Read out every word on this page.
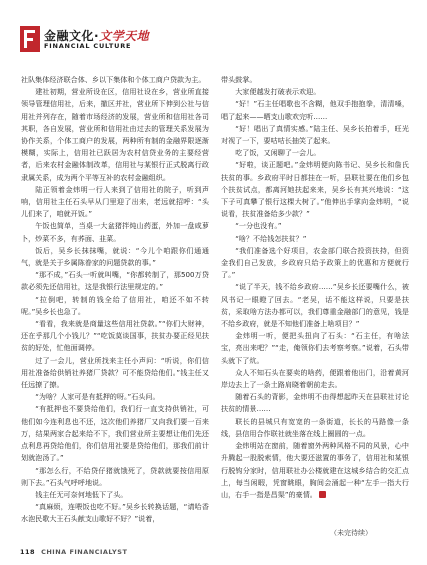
金融文化·文学天地
FINANCIAL CULTURE

社队集体经济联合体、乡以下集体和个体工商户贷款为主。

建社初期，营业所设在区，信用社设在乡，营业所直接领导管理信用社，后来，撤区并社，营业所下伸到公社与信用社并列存在，随着市场经济的发展，营业所和信用社各司其职，各自发展，营业所和信用社由过去的管理关系发展为协作关系，个体工商户的发展，两种所有制的金融界限逐渐模糊，实际上，信用社已跃居为农村信贷业务的主要经营者，后来农村金融体制改革，信用社与某银行正式脱离行政隶属关系，成为两个平等互补的农村金融组织。

陆正领着金炜明一行人来到了信用社的院子，听到声响，信用社主任石头早从门里迎了出来，老远就招呼：“头儿们来了，咱就开饭。”

午饭也简单，当桌一大盆猪拌炖山药蛋，外加一盘咸萝卜，炒菜不多，有荞面、韭菜。

饭后，吴乡长抹抹嘴，就说：“今儿个咱跟你们通通气，就是关于乡属陈眷家的问题贷款的事。”

“那不成，”石头一听就叫嘴，“你都转制了，那500万贷款必须先还信用社，这是我银行法里规定的。”

“拉倒吧，转制的钱全给了信用社，咱还不如不转呢。”吴乡长也急了。

“看看，我来就是商量这些信用社贷款。”“你们大财神，还在乎那几个小钱儿？”“吃饭莫谈国事，扶贫办要正经见扶贫的好处，忙他面调停。

过了一会儿，营业所找来主任小声问：“听说，你们信用社准备给供销社养猪厂贷款？可不能贷给他们。”钱主任又任远撩了撩。

“为啥？人家可是有抵押的呀。”石头问。

“有抵押也不要贷给他们，我们行一直支持供销社，可他们如今连利息也不还，这次他们养猪厂又向我们要一百来万，结果两家合起来给不下，我们营业所主要想让他们先还点利息再贷给他们，你们信用社要是贷给他们，那我们前计划就泡汤了。”

“那怎么行，不给贷仔猪就饿死了，贷款就要按信用原则下去。”石头气呼呼地说。

钱主任无可奈何地低下了头。

“真麻烦，连喂饭也吃不好。”吴乡长转换话题，“请哈香水泡民歌大王石头献支山歌好不好？”说着，

带头鼓掌。

大家便越发打破表示欢迎。

“好！”石主任唱歌也不含糊，他双手抱抱拳，清清嗓，唱了起来——晒支山歌欢完听……

“好！唱出了真情实感。”陆主任、吴乡长拍着手，旺光对视了一下，要咕咕长抽笑了起来。

吃了饭，又闲聊了一会儿。

“好啦，谈正题吧。”金炜明便向陈书记、吴乡长和詹氏扶贫的事。乡政府平时日都挂在一听，县联社要在他们乡包个扶贫试点，都离河她扶起来来，吴乡长有其兴地说：“这下子可真攀了银行这棵大树了。”他伸出手掌向金炜明，“说说看，扶贫准备给多少款？”

“一分也没有。”

“啥？不给钱怎扶贫？”

“我们准备选个好项目，农金部门联合投资扶持，但资金我们自己发放，乡政府只给予政策上的优惠和方便就行了。”

“说了半天，钱不给乡政府……”吴乡长还要嘴什么，被风书记一眼瞪了回去。“老吴，话不能这样说，只要是扶贫，采取啥方法办都可以，我们尊重金融部门的意见，钱是不给乡政府，就是不知他们准备上啥项目？”

金炜明一听，便把头扭向了石头：“石主任，有啥法宝，亮出来吧？”“走，俺领你们去考察考察。”说着，石头带头就下了炕。

众人不知石头在要卖的啥药，便跟着他出门，沿着黄河岸边去上了一条土路肩晓着朝前走去。

随着石头的背影，金炜明不由得想起昨天在县联社讨论扶贫的情景……

联长的县城只有宽宽的一条街道，长长的马路像一条线，县信用合作联社就坐落在线上圈圆的一点。

金炜明站在窗前，随着窗外两种风格不同的风景，心中升腾起一股脱索情，他大要还滋置的事务了，信用社和某银行脱钩分家时，信用联社办公楼就建在这城乡结合的交汇点上，每当闲暇，凭窗眺眼，胸间会涌起一种“左手一指大行山，右手一指是昌渠”的豪情。

（未完待续）
118 CHINA FINANCIALYST
